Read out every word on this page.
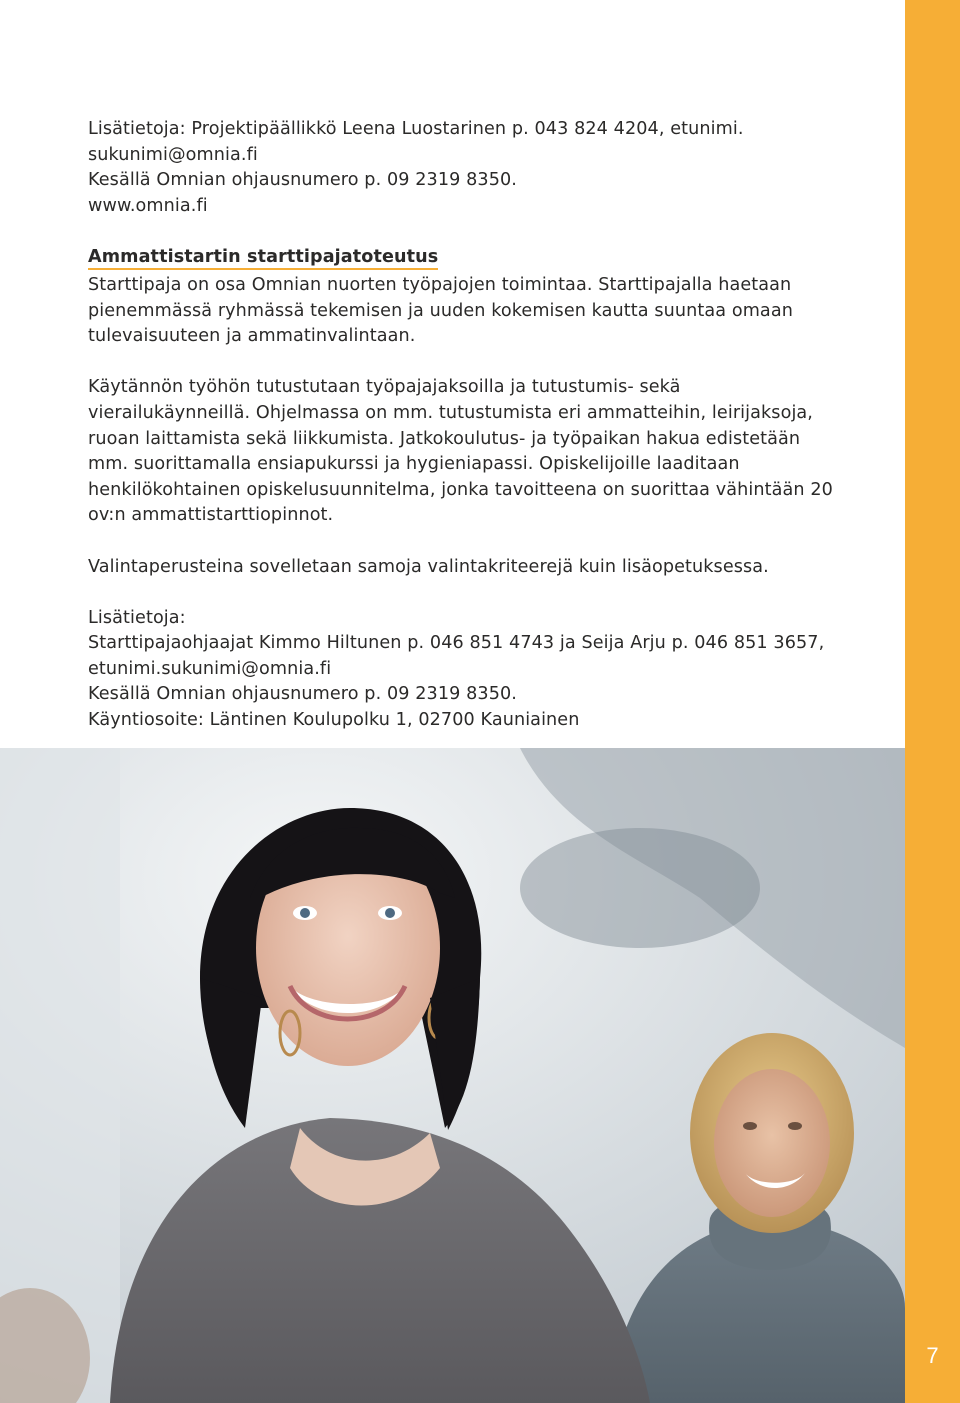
Lisätietoja: Projektipäällikkö Leena Luostarinen p. 043 824 4204, etunimi.
sukunimi@omnia.fi
Kesällä Omnian ohjausnumero p. 09 2319 8350.
www.omnia.fi
Ammattistartin starttipajatoteutus
Starttipaja on osa Omnian nuorten työpajojen toimintaa. Starttipajalla haetaan
pienemmässä ryhmässä tekemisen ja uuden kokemisen kautta suuntaa omaan
tulevaisuuteen ja ammatinvalintaan.
Käytännön työhön tutustutaan työpajajaksoilla ja tutustumis- sekä
vierailukäynneillä. Ohjelmassa on mm. tutustumista eri ammatteihin, leirijaksoja,
ruoan laittamista sekä liikkumista. Jatkokoulutus- ja työpaikan hakua edistetään
mm. suorittamalla ensiapukurssi ja hygieniapassi. Opiskelijoille laaditaan
henkilökohtainen opiskelusuunnitelma, jonka tavoitteena on suorittaa vähintään 20
ov:n ammattistarttiopinnot.
Valintaperusteina sovelletaan samoja valintakriteerejä kuin lisäopetuksessa.
Lisätietoja:
Starttipajaohjaajat Kimmo Hiltunen p. 046 851 4743 ja Seija Arju p. 046 851 3657,
etunimi.sukunimi@omnia.fi
Kesällä Omnian ohjausnumero p. 09 2319 8350.
Käyntiosoite: Läntinen Koulupolku 1, 02700 Kauniainen
7
